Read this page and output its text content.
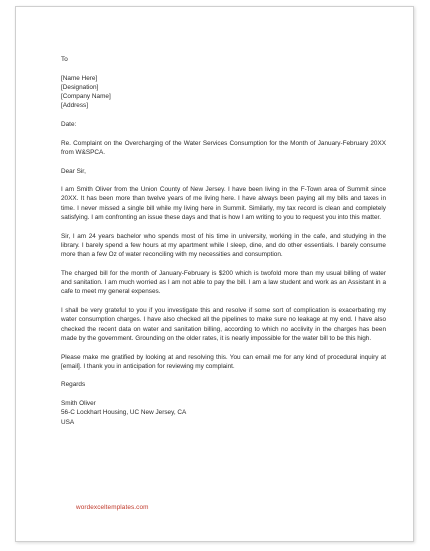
To

[Name Here]
[Designation]
[Company Name]
[Address]

Date:

Re. Complaint on the Overcharging of the Water Services Consumption for the Month of January-February 20XX from W&SPCA.

Dear Sir,

I am Smith Oliver from the Union County of New Jersey. I have been living in the F-Town area of Summit since 20XX. It has been more than twelve years of me living here. I have always been paying all my bills and taxes in time. I never missed a single bill while my living here in Summit. Similarly, my tax record is clean and completely satisfying. I am confronting an issue these days and that is how I am writing to you to request you into this matter.

Sir, I am 24 years bachelor who spends most of his time in university, working in the cafe, and studying in the library. I barely spend a few hours at my apartment while I sleep, dine, and do other essentials. I barely consume more than a few Oz of water reconciling with my necessities and consumption.

The charged bill for the month of January-February is $200 which is twofold more than my usual billing of water and sanitation. I am much worried as I am not able to pay the bill. I am a law student and work as an Assistant in a cafe to meet my general expenses.

I shall be very grateful to you if you investigate this and resolve if some sort of complication is exacerbating my water consumption charges. I have also checked all the pipelines to make sure no leakage at my end. I have also checked the recent data on water and sanitation billing, according to which no acclivity in the charges has been made by the government. Grounding on the older rates, it is nearly impossible for the water bill to be this high.

Please make me gratified by looking at and resolving this. You can email me for any kind of procedural inquiry at [email]. I thank you in anticipation for reviewing my complaint.

Regards

Smith Oliver
56-C Lockhart Housing, UC New Jersey, CA
USA

wordexceltemplates.com
